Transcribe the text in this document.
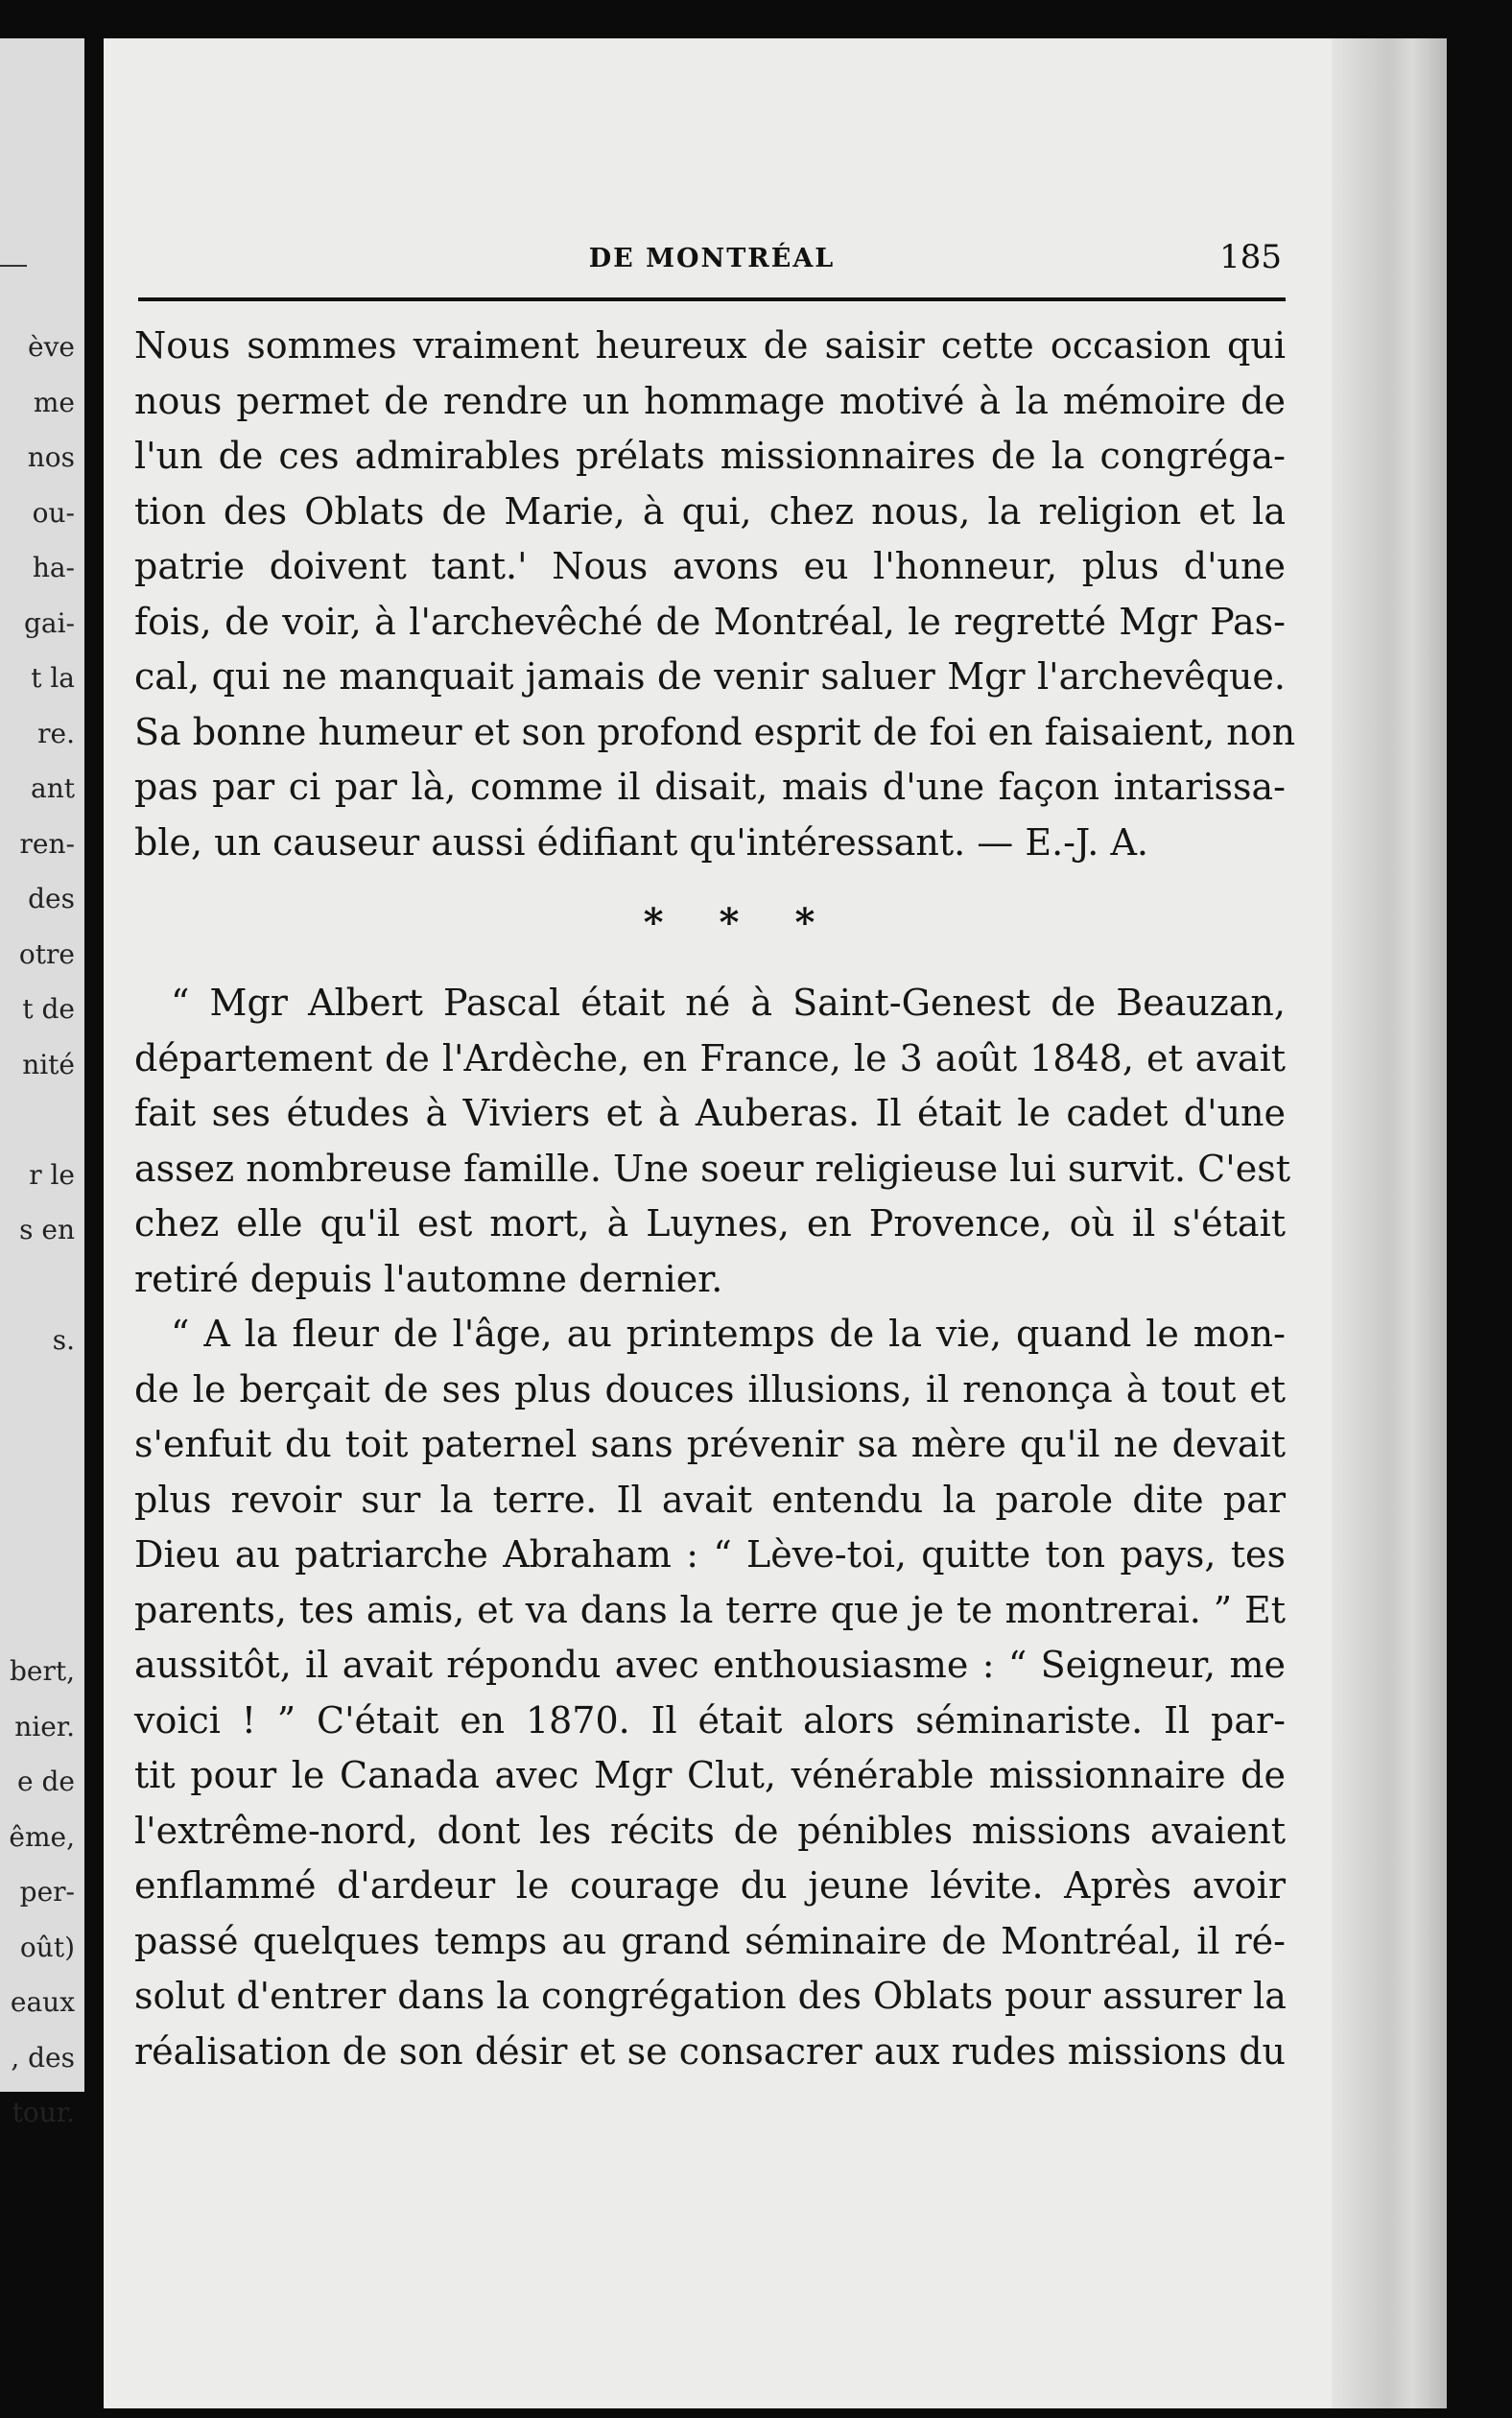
ève
me
nos
ou-
ha-
gai-
t la
re.
ant
ren-
des
otre
t de
nité
r le
s en
s.
bert,
nier.
e de
ême,
per-
oût)
eaux
, des
tour.
DE MONTRÉAL	185
Nous sommes vraiment heureux de saisir cette occasion qui
nous permet de rendre un hommage motivé à la mémoire de
l'un de ces admirables prélats missionnaires de la congréga-
tion des Oblats de Marie, à qui, chez nous, la religion et la
patrie doivent tant.' Nous avons eu l'honneur, plus d'une
fois, de voir, à l'archevêché de Montréal, le regretté Mgr Pas-
cal, qui ne manquait jamais de venir saluer Mgr l'archevêque.
Sa bonne humeur et son profond esprit de foi en faisaient, non
pas par ci par là, comme il disait, mais d'une façon intarissa-
ble, un causeur aussi édifiant qu'intéressant. — E.-J. A.
* * *
“ Mgr Albert Pascal était né à Saint-Genest de Beauzan,
département de l'Ardèche, en France, le 3 août 1848, et avait
fait ses études à Viviers et à Auberas. Il était le cadet d'une
assez nombreuse famille. Une soeur religieuse lui survit. C'est
chez elle qu'il est mort, à Luynes, en Provence, où il s'était
retiré depuis l'automne dernier.
“ A la fleur de l'âge, au printemps de la vie, quand le mon-
de le berçait de ses plus douces illusions, il renonça à tout et
s'enfuit du toit paternel sans prévenir sa mère qu'il ne devait
plus revoir sur la terre. Il avait entendu la parole dite par
Dieu au patriarche Abraham : “ Lève-toi, quitte ton pays, tes
parents, tes amis, et va dans la terre que je te montrerai. ” Et
aussitôt, il avait répondu avec enthousiasme : “ Seigneur, me
voici ! ” C'était en 1870. Il était alors séminariste. Il par-
tit pour le Canada avec Mgr Clut, vénérable missionnaire de
l'extrême-nord, dont les récits de pénibles missions avaient
enflammé d'ardeur le courage du jeune lévite. Après avoir
passé quelques temps au grand séminaire de Montréal, il ré-
solut d'entrer dans la congrégation des Oblats pour assurer la
réalisation de son désir et se consacrer aux rudes missions du
